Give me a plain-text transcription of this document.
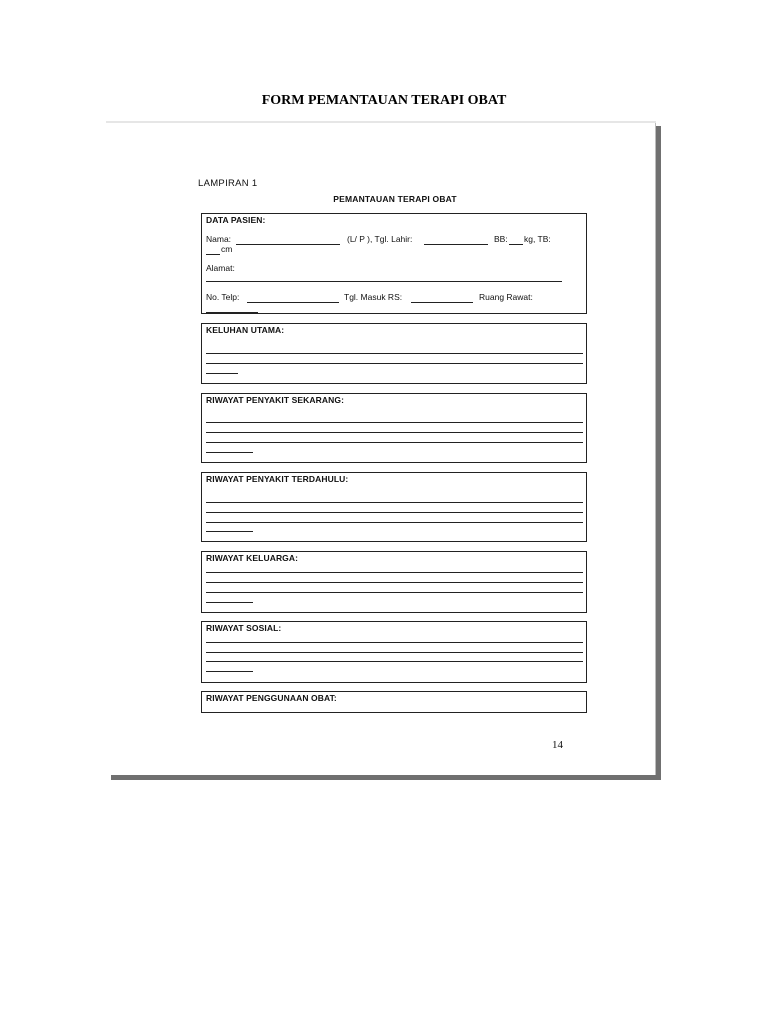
FORM PEMANTAUAN TERAPI OBAT
LAMPIRAN 1
PEMANTAUAN TERAPI OBAT
DATA PASIEN:
Nama:	(L/ P ), Tgl. Lahir:	BB: kg, TB:
cm
Alamat:
No. Telp:	Tgl. Masuk RS:	Ruang Rawat:
KELUHAN UTAMA:
RIWAYAT PENYAKIT SEKARANG:
RIWAYAT PENYAKIT TERDAHULU:
RIWAYAT KELUARGA:
RIWAYAT SOSIAL:
RIWAYAT PENGGUNAAN OBAT:
14
